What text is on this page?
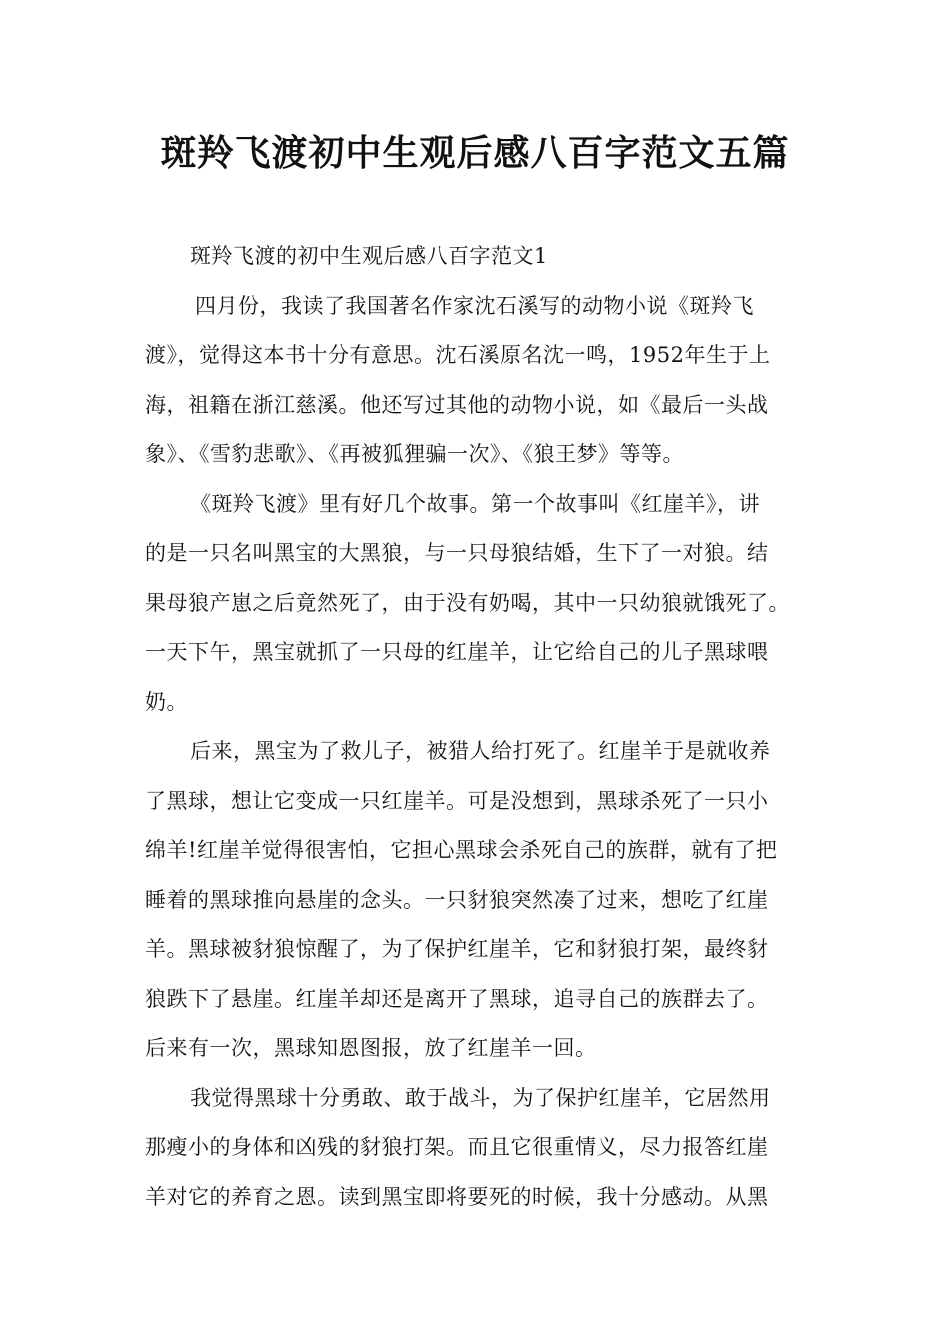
斑羚飞渡初中生观后感八百字范文五篇
斑羚飞渡的初中生观后感八百字范文1
四月份，我读了我国著名作家沈石溪写的动物小说《斑羚飞
渡》，觉得这本书十分有意思。沈石溪原名沈一鸣，1952年生于上
海，祖籍在浙江慈溪。他还写过其他的动物小说，如《最后一头战
象》、《雪豹悲歌》、《再被狐狸骗一次》、《狼王梦》等等。
《斑羚飞渡》里有好几个故事。第一个故事叫《红崖羊》，讲
的是一只名叫黑宝的大黑狼，与一只母狼结婚，生下了一对狼。结
果母狼产崽之后竟然死了，由于没有奶喝，其中一只幼狼就饿死了。
一天下午，黑宝就抓了一只母的红崖羊，让它给自己的儿子黑球喂
奶。
后来，黑宝为了救儿子，被猎人给打死了。红崖羊于是就收养
了黑球，想让它变成一只红崖羊。可是没想到，黑球杀死了一只小
绵羊!红崖羊觉得很害怕，它担心黑球会杀死自己的族群，就有了把
睡着的黑球推向悬崖的念头。一只豺狼突然凑了过来，想吃了红崖
羊。黑球被豺狼惊醒了，为了保护红崖羊，它和豺狼打架，最终豺
狼跌下了悬崖。红崖羊却还是离开了黑球，追寻自己的族群去了。
后来有一次，黑球知恩图报，放了红崖羊一回。
我觉得黑球十分勇敢、敢于战斗，为了保护红崖羊，它居然用
那瘦小的身体和凶残的豺狼打架。而且它很重情义，尽力报答红崖
羊对它的养育之恩。读到黑宝即将要死的时候，我十分感动。从黑
